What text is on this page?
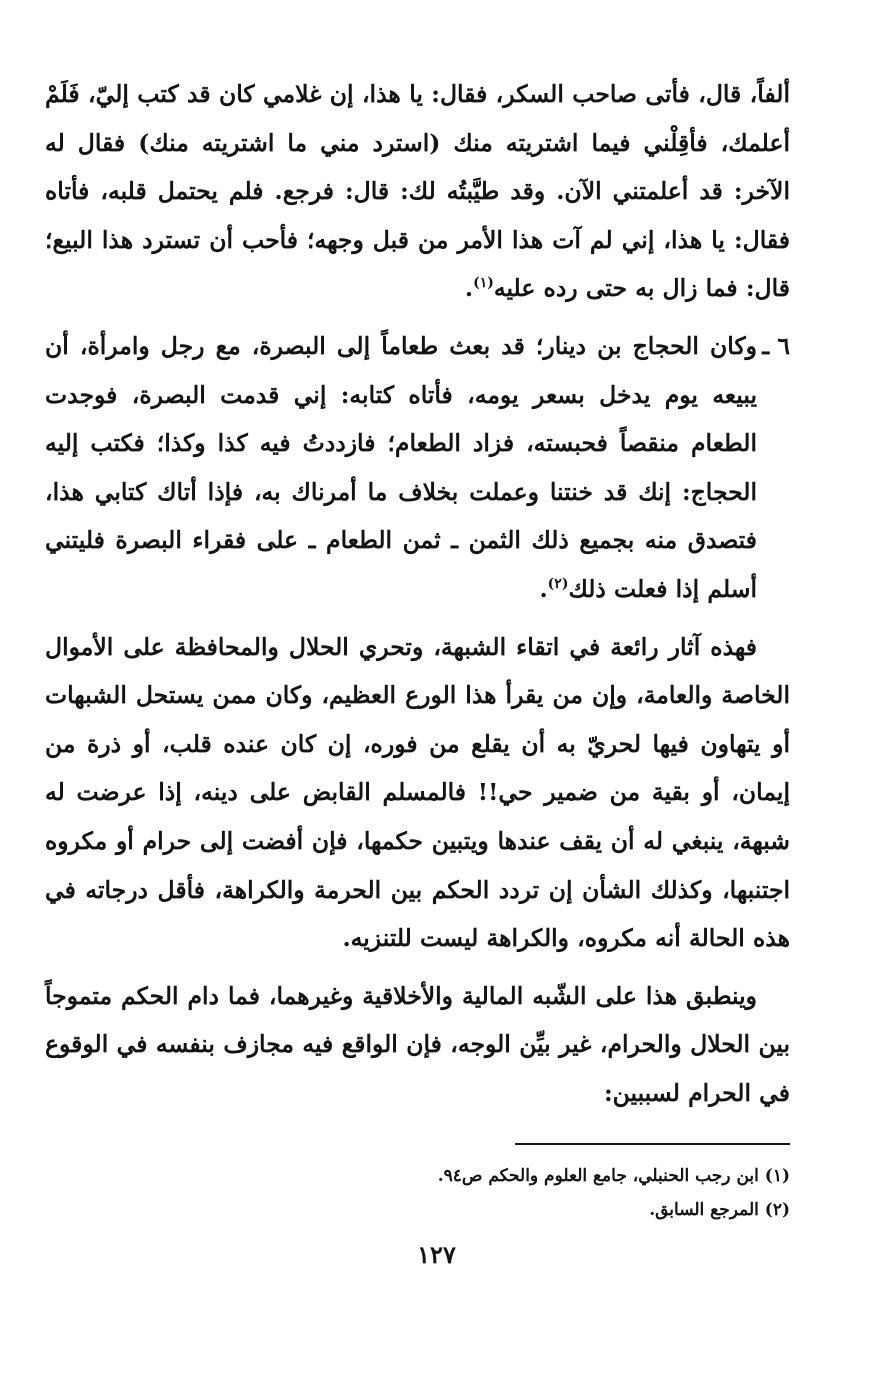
ألفاً، قال، فأتى صاحب السكر، فقال: يا هذا، إن غلامي كان قد كتب إليّ، فَلَمْ أعلمك، فأقِلْني فيما اشتريته منك (استرد مني ما اشتريته منك) فقال له الآخر: قد أعلمتني الآن. وقد طيَّبتُه لك: قال: فرجع. فلم يحتمل قلبه، فأتاه فقال: يا هذا، إني لم آت هذا الأمر من قبل وجهه؛ فأحب أن تسترد هذا البيع؛ قال: فما زال به حتى رده عليه$^{(١)}$.

٦ ـ
وكان الحجاج بن دينار؛ قد بعث طعاماً إلى البصرة، مع رجل وامرأة، أن يبيعه يوم يدخل بسعر يومه، فأتاه كتابه: إني قدمت البصرة، فوجدت الطعام منقصاً فحبسته، فزاد الطعام؛ فازددتُ فيه كذا وكذا؛ فكتب إليه الحجاج: إنك قد خنتنا وعملت بخلاف ما أمرناك به، فإذا أتاك كتابي هذا، فتصدق منه بجميع ذلك الثمن ـ ثمن الطعام ـ على فقراء البصرة فليتني أسلم إذا فعلت ذلك$^{(٢)}$.

فهذه آثار رائعة في اتقاء الشبهة، وتحري الحلال والمحافظة على الأموال الخاصة والعامة، وإن من يقرأ هذا الورع العظيم، وكان ممن يستحل الشبهات أو يتهاون فيها لحريّ به أن يقلع من فوره، إن كان عنده قلب، أو ذرة من إيمان، أو بقية من ضمير حي!! فالمسلم القابض على دينه، إذا عرضت له شبهة، ينبغي له أن يقف عندها ويتبين حكمها، فإن أفضت إلى حرام أو مكروه اجتنبها، وكذلك الشأن إن تردد الحكم بين الحرمة والكراهة، فأقل درجاته في هذه الحالة أنه مكروه، والكراهة ليست للتنزيه.

وينطبق هذا على الشّبه المالية والأخلاقية وغيرهما، فما دام الحكم متموجاً بين الحلال والحرام، غير بيِّن الوجه، فإن الواقع فيه مجازف بنفسه في الوقوع في الحرام لسببين:

(١) ابن رجب الحنبلي، جامع العلوم والحكم ص٩٤.

(٢) المرجع السابق.

١٢٧
